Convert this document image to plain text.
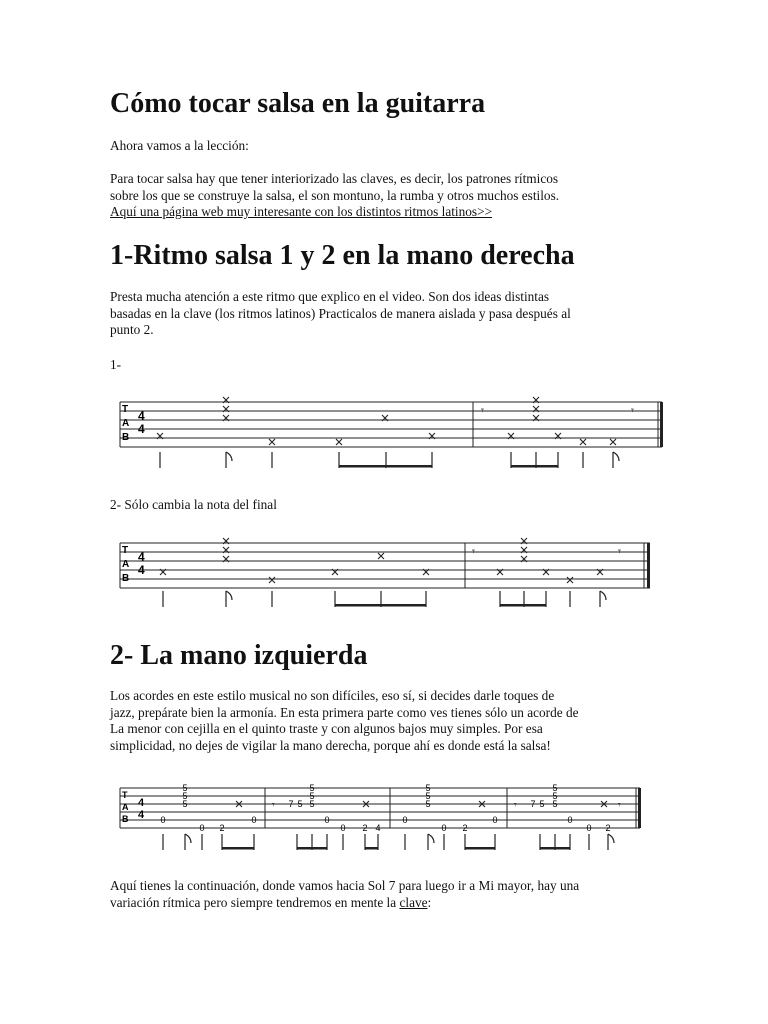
Cómo tocar salsa en la guitarra

Ahora vamos a la lección:

Para tocar salsa hay que tener interiorizado las claves, es decir, los patrones rítmicos
sobre los que se construye la salsa, el son montuno, la rumba y otros muchos estilos.
Aquí una página web muy interesante con los distintos ritmos latinos>>

1-Ritmo salsa 1 y 2 en la mano derecha

Presta mucha atención a este ritmo que explico en el video. Son dos ideas distintas
basadas en la clave (los ritmos latinos) Practicalos de manera aislada y pasa después al
punto 2.

1-

T
A
B
4
4
𝄾	𝄾

2- Sólo cambia la nota del final

T
A
B
4
4
𝄾	𝄾
2- La mano izquierda

Los acordes en este estilo musical no son difíciles, eso sí, si decides darle toques de
jazz, prepárate bien la armonía. En esta primera parte como ves tienes sólo un acorde de
La menor con cejilla en el quinto traste y con algunos bajos muy simples. Por esa
simplicidad, no dejes de vigilar la mano derecha, porque ahí es donde está la salsa!

T
A
B
4
4
5
5
5
0
0 2
0
7 5
5
5
5
0
0 2 4
5
5
5
0
0 2
0
7 5
5
5
5
0
0 2
𝄾	𝄾	𝄾

Aquí tienes la continuación, donde vamos hacia Sol 7 para luego ir a Mi mayor, hay una
variación rítmica pero siempre tendremos en mente la clave:
